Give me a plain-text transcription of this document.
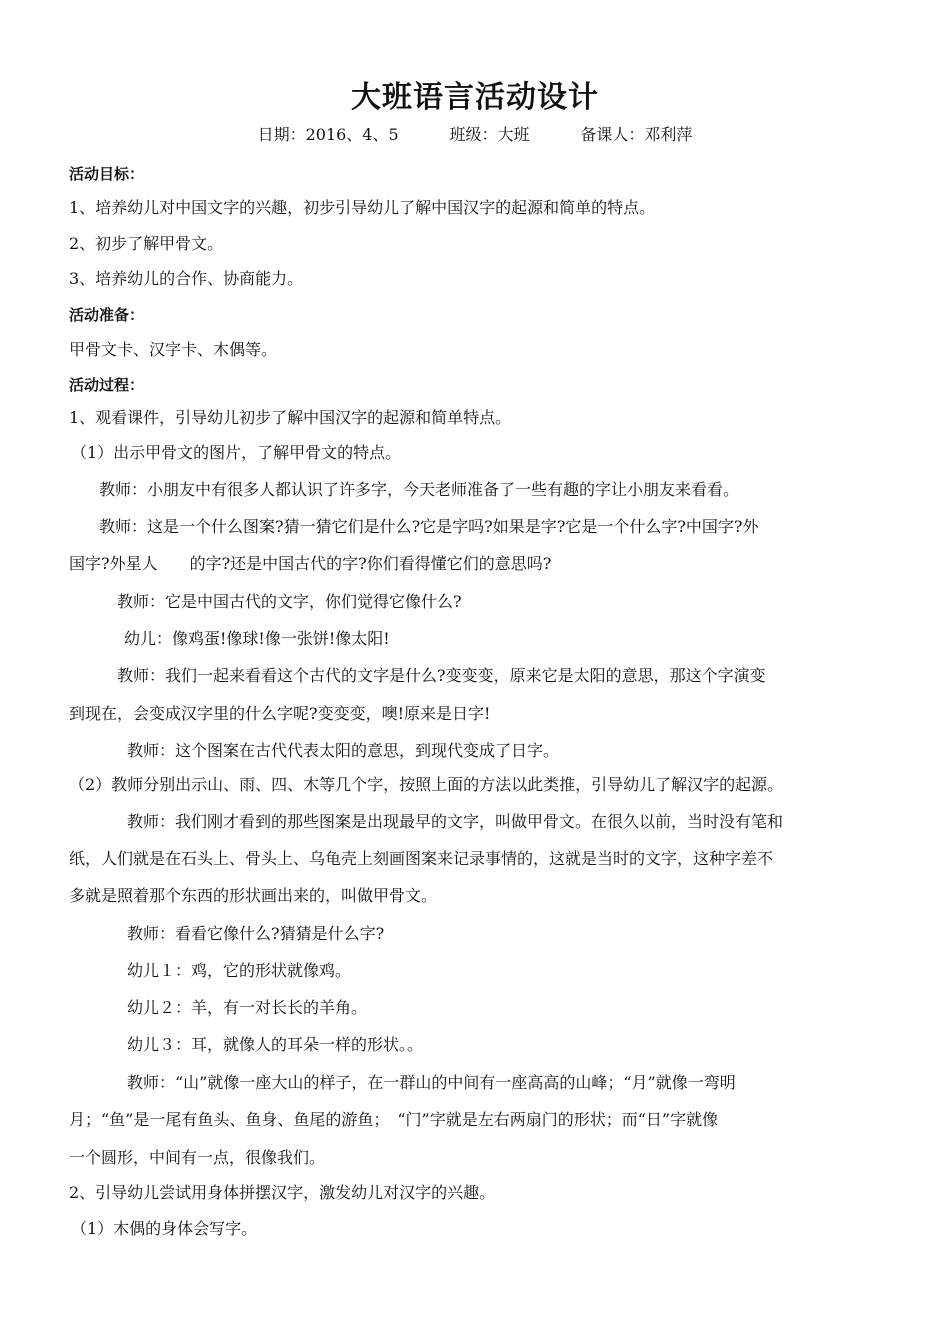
大班语言活动设计
日期：2016、4、5	班级：大班	备课人：邓利萍
活动目标：
1、培养幼儿对中国文字的兴趣，初步引导幼儿了解中国汉字的起源和简单的特点。
2、初步了解甲骨文。
3、培养幼儿的合作、协商能力。
活动准备：
甲骨文卡、汉字卡、木偶等。
活动过程：
1、观看课件，引导幼儿初步了解中国汉字的起源和简单特点。
（1）出示甲骨文的图片，了解甲骨文的特点。
教师：小朋友中有很多人都认识了许多字，今天老师准备了一些有趣的字让小朋友来看看。
教师：这是一个什么图案?猜一猜它们是什么?它是字吗?如果是字?它是一个什么字?中国字?外
国字?外星人　　的字?还是中国古代的字?你们看得懂它们的意思吗?
教师：它是中国古代的文字，你们觉得它像什么?
幼儿：像鸡蛋!像球!像一张饼!像太阳!
教师：我们一起来看看这个古代的文字是什么?变变变，原来它是太阳的意思，那这个字演变
到现在，会变成汉字里的什么字呢?变变变，噢!原来是日字!
教师：这个图案在古代代表太阳的意思，到现代变成了日字。
（2）教师分别出示山、雨、四、木等几个字，按照上面的方法以此类推，引导幼儿了解汉字的起源。
教师：我们刚才看到的那些图案是出现最早的文字，叫做甲骨文。在很久以前，当时没有笔和
纸，人们就是在石头上、骨头上、乌龟壳上刻画图案来记录事情的，这就是当时的文字，这种字差不
多就是照着那个东西的形状画出来的，叫做甲骨文。
教师：看看它像什么?猜猜是什么字?
幼儿１：鸡，它的形状就像鸡。
幼儿２：羊，有一对长长的羊角。
幼儿３：耳，就像人的耳朵一样的形状。。
教师：“山”就像一座大山的样子，在一群山的中间有一座高高的山峰；“月”就像一弯明
月；“鱼”是一尾有鱼头、鱼身、鱼尾的游鱼；　“门”字就是左右两扇门的形状；而“日”字就像
一个圆形，中间有一点，很像我们。
2、引导幼儿尝试用身体拼摆汉字，激发幼儿对汉字的兴趣。
（1）木偶的身体会写字。
